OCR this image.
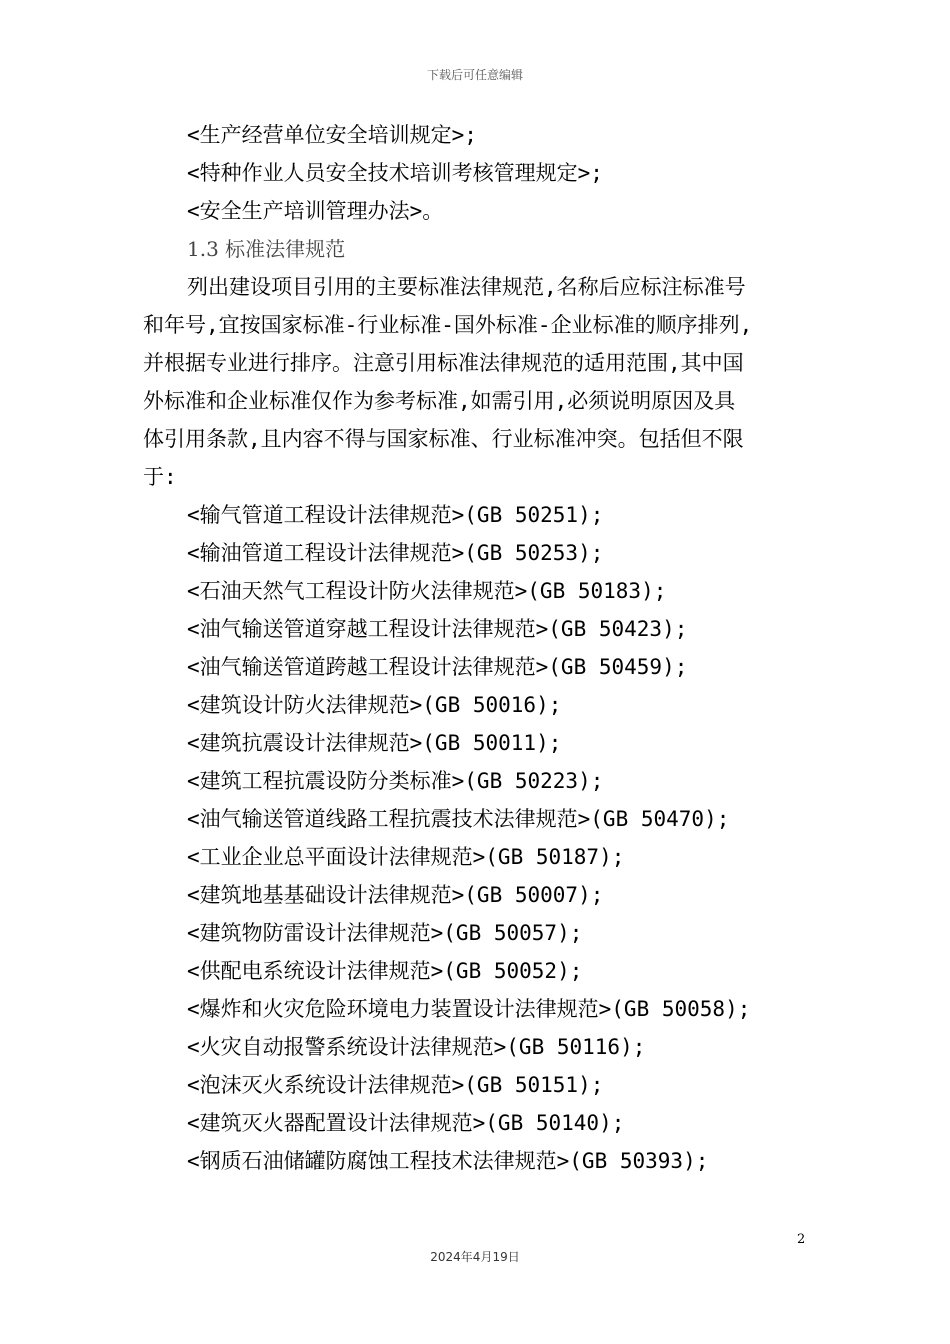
下载后可任意编辑
<生产经营单位安全培训规定>;
<特种作业人员安全技术培训考核管理规定>;
<安全生产培训管理办法>。
1.3 标准法律规范
列出建设项目引用的主要标准法律规范,名称后应标注标准号
和年号,宜按国家标准-行业标准-国外标准-企业标准的顺序排列,
并根据专业进行排序。注意引用标准法律规范的适用范围,其中国
外标准和企业标准仅作为参考标准,如需引用,必须说明原因及具
体引用条款,且内容不得与国家标准、行业标准冲突。包括但不限
于:
<输气管道工程设计法律规范>(GB 50251);
<输油管道工程设计法律规范>(GB 50253);
<石油天然气工程设计防火法律规范>(GB 50183);
<油气输送管道穿越工程设计法律规范>(GB 50423);
<油气输送管道跨越工程设计法律规范>(GB 50459);
<建筑设计防火法律规范>(GB 50016);
<建筑抗震设计法律规范>(GB 50011);
<建筑工程抗震设防分类标准>(GB 50223);
<油气输送管道线路工程抗震技术法律规范>(GB 50470);
<工业企业总平面设计法律规范>(GB 50187);
<建筑地基基础设计法律规范>(GB 50007);
<建筑物防雷设计法律规范>(GB 50057);
<供配电系统设计法律规范>(GB 50052);
<爆炸和火灾危险环境电力装置设计法律规范>(GB 50058);
<火灾自动报警系统设计法律规范>(GB 50116);
<泡沫灭火系统设计法律规范>(GB 50151);
<建筑灭火器配置设计法律规范>(GB 50140);
<钢质石油储罐防腐蚀工程技术法律规范>(GB 50393);
2
2024年4月19日
